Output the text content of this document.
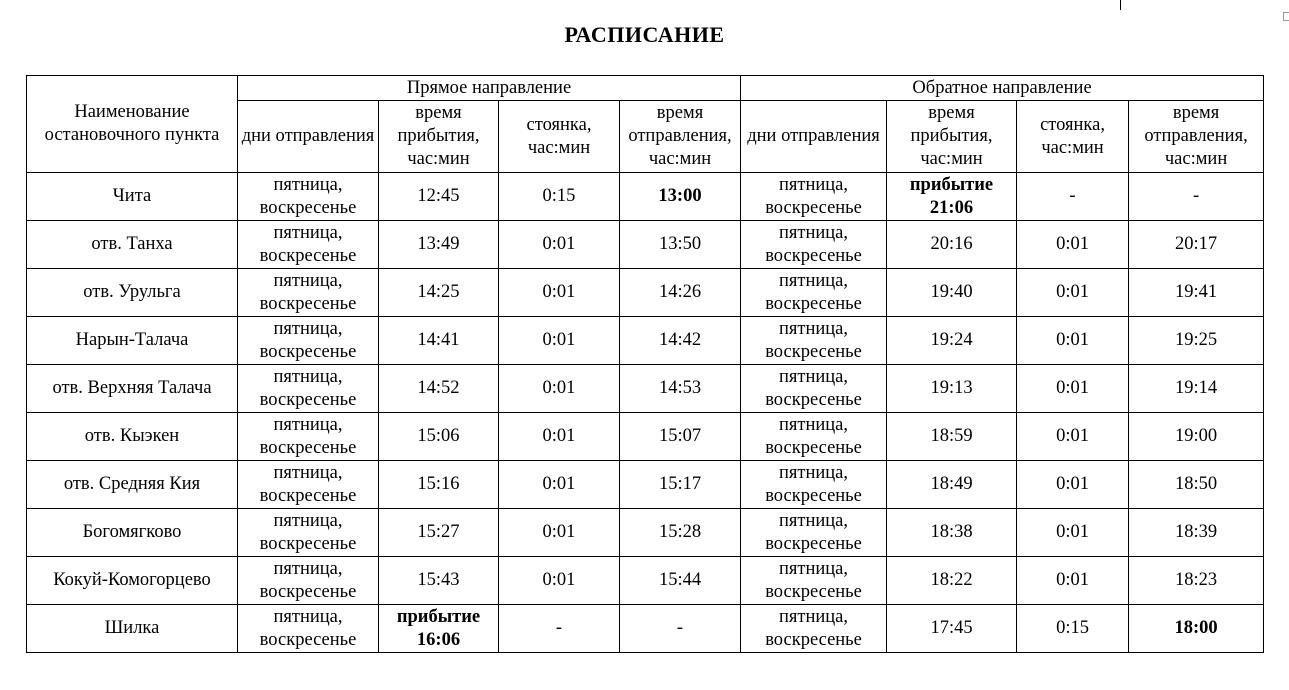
РАСПИСАНИЕ
Наименование остановочного пункта	Прямое направление				Обратное направление			
	дни отправления	время прибытия, час:мин	стоянка, час:мин	время отправления, час:мин	дни отправления	время прибытия, час:мин	стоянка, час:мин	время отправления, час:мин
Чита	пятница, воскресенье	12:45	0:15	13:00	пятница, воскресенье	прибытие 21:06	-	-
отв. Танха	пятница, воскресенье	13:49	0:01	13:50	пятница, воскресенье	20:16	0:01	20:17
отв. Урульга	пятница, воскресенье	14:25	0:01	14:26	пятница, воскресенье	19:40	0:01	19:41
Нарын-Талача	пятница, воскресенье	14:41	0:01	14:42	пятница, воскресенье	19:24	0:01	19:25
отв. Верхняя Талача	пятница, воскресенье	14:52	0:01	14:53	пятница, воскресенье	19:13	0:01	19:14
отв. Кыэкен	пятница, воскресенье	15:06	0:01	15:07	пятница, воскресенье	18:59	0:01	19:00
отв. Средняя Кия	пятница, воскресенье	15:16	0:01	15:17	пятница, воскресенье	18:49	0:01	18:50
Богомягково	пятница, воскресенье	15:27	0:01	15:28	пятница, воскресенье	18:38	0:01	18:39
Кокуй-Комогорцево	пятница, воскресенье	15:43	0:01	15:44	пятница, воскресенье	18:22	0:01	18:23
Шилка	пятница, воскресенье	прибытие 16:06	-	-	пятница, воскресенье	17:45	0:15	18:00
